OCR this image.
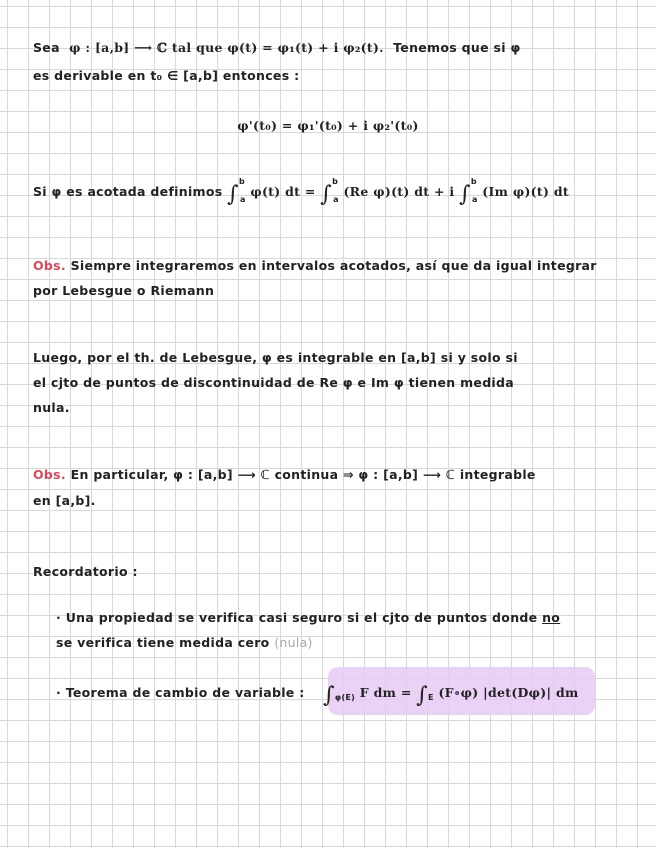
Sea φ : [a,b] ⟶ ℂ tal que φ(t) = φ₁(t) + i φ₂(t). Tenemos que si φ
es derivable en t₀ ∈ [a,b] entonces :
φ'(t₀) = φ₁'(t₀) + i φ₂'(t₀)
Si φ es acotada definimos ∫$^b_a$ φ(t) dt = ∫$^b_a$ (Re φ)(t) dt + i ∫$^b_a$ (Im φ)(t) dt
Obs. Siempre integraremos en intervalos acotados, así que da igual integrar
por Lebesgue o Riemann
Luego, por el th. de Lebesgue, φ es integrable en [a,b] si y solo si
el cjto de puntos de discontinuidad de Re φ e Im φ tienen medida
nula.
Obs. En particular, φ : [a,b] ⟶ ℂ continua ⇒ φ : [a,b] ⟶ ℂ integrable
en [a,b].
Recordatorio :
· Una propiedad se verifica casi seguro si el cjto de puntos donde no
se verifica tiene medida cero (nula)
· Teorema de cambio de variable : $\int_{\varphi(E)}$ F dm = $\int_E$ (F∘φ) |det(Dφ)| dm
